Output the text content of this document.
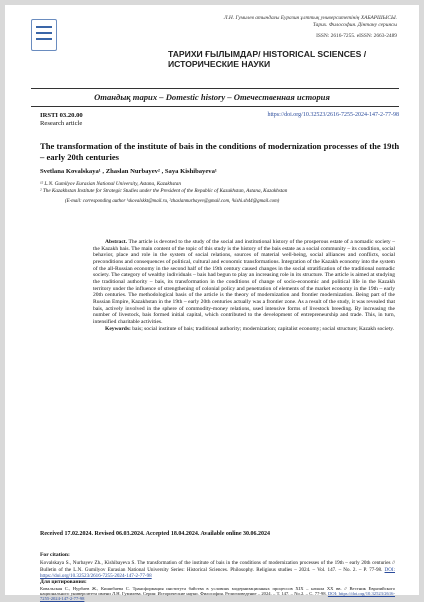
Л.Н. Гумилев атындағы Еуразия ұлттық университетінің ХАБАРШЫСЫ.
Тарих. Философия. Дінтану сериясы
ISSN: 2616-7255. eISSN: 2663-2489
ТАРИХИ ҒЫЛЫМДАР/ HISTORICAL SCIENCES / ИСТОРИЧЕСКИЕ НАУКИ
Отандық тарих – Domestic history – Отечественная история
IRSTI 03.20.00
Research article
https://doi.org/10.32523/2616-7255-2024-147-2-77-98
The transformation of the institute of bais in the conditions of modernization processes of the 19th – early 20th centuries
Svetlana Kovalskaya¹ , Zhaslan Nurbayev² , Saya Kishibayeva¹
¹² L.N. Gumilyov Eurasian National University, Astana, Kazakhstan
² The Kazakhstan Institute for Strategic Studies under the President of the Republic of Kazakhstan, Astana, Kazakhstan
(E-mail: corresponding author ¹skovalskkt@mail.ru, ²zhaslannurbayev@gmail.com, ¹kishi.sh44@gmail.com)
Abstract. The article is devoted to the study of the social and institutional history of the prosperous estate of a nomadic society – the Kazakh bais. The main content of the topic of this study is the history of the bais estate as a social community – its condition, social behavior, place and role in the system of social relations, sources of material well-being, social alliances and conflicts, social preconditions and consequences of political, cultural and economic transformations. Integration of the Kazakh economy into the system of the all-Russian economy in the second half of the 19th century caused changes in the social stratification of the traditional nomadic society. The category of wealthy individuals – bais had begun to play an increasing role in its structure. The article is aimed at studying the traditional authority – bais, its transformation in the conditions of change of socio-economic and political life in the Kazakh territory under the influence of strengthening of colonial policy and penetration of elements of the market economy in the 19th – early 20th centuries. The methodological basis of the article is the theory of modernization and frontier modernization. Being part of the Russian Empire, Kazakhstan in the 19th – early 20th centuries actually was a frontier zone. As a result of the study, it was revealed that bais, actively involved in the sphere of commodity-money relations, used intensive forms of livestock breeding. By increasing the number of livestock, bais formed initial capital, which contributed to the development of entrepreneurship and trade. This, in turn, intensified charitable activities.
Keywords: bais; social institute of bais; traditional authority; modernization; capitalist economy; social structure; Kazakh society.
Received 17.02.2024. Revised 06.03.2024. Accepted 18.04.2024. Available online 30.06.2024
For citation:
Kovalskaya S., Nurbayev Zh., Kishibayeva S. The transformation of the institute of bais in the conditions of modernization processes of the 19th – early 20th centuries // Bulletin of the L.N. Gumilyov Eurasian National University Series: Historical Sciences. Philosophy. Religious studies – 2024. – Vol. 147. – No. 2. – P. 77-98. DOI: https://doi.org/10.32523/2616-7255-2024-147-2-77-98
Для цитирования:
Ковальская С., Нурбаев Ж., Кишибаева С. Трансформация института байства в условиях модернизационных процессов XIX – начала XX вв. // Вестник Евразийского национального университета имени Л.Н. Гумилева. Серия: Исторические науки. Философия. Религиоведение – 2024. – Т. 147. – No.2. – С. 77-98. DOI: https://doi.org/10.32523/2616-7255-2024-147-2-77-98
